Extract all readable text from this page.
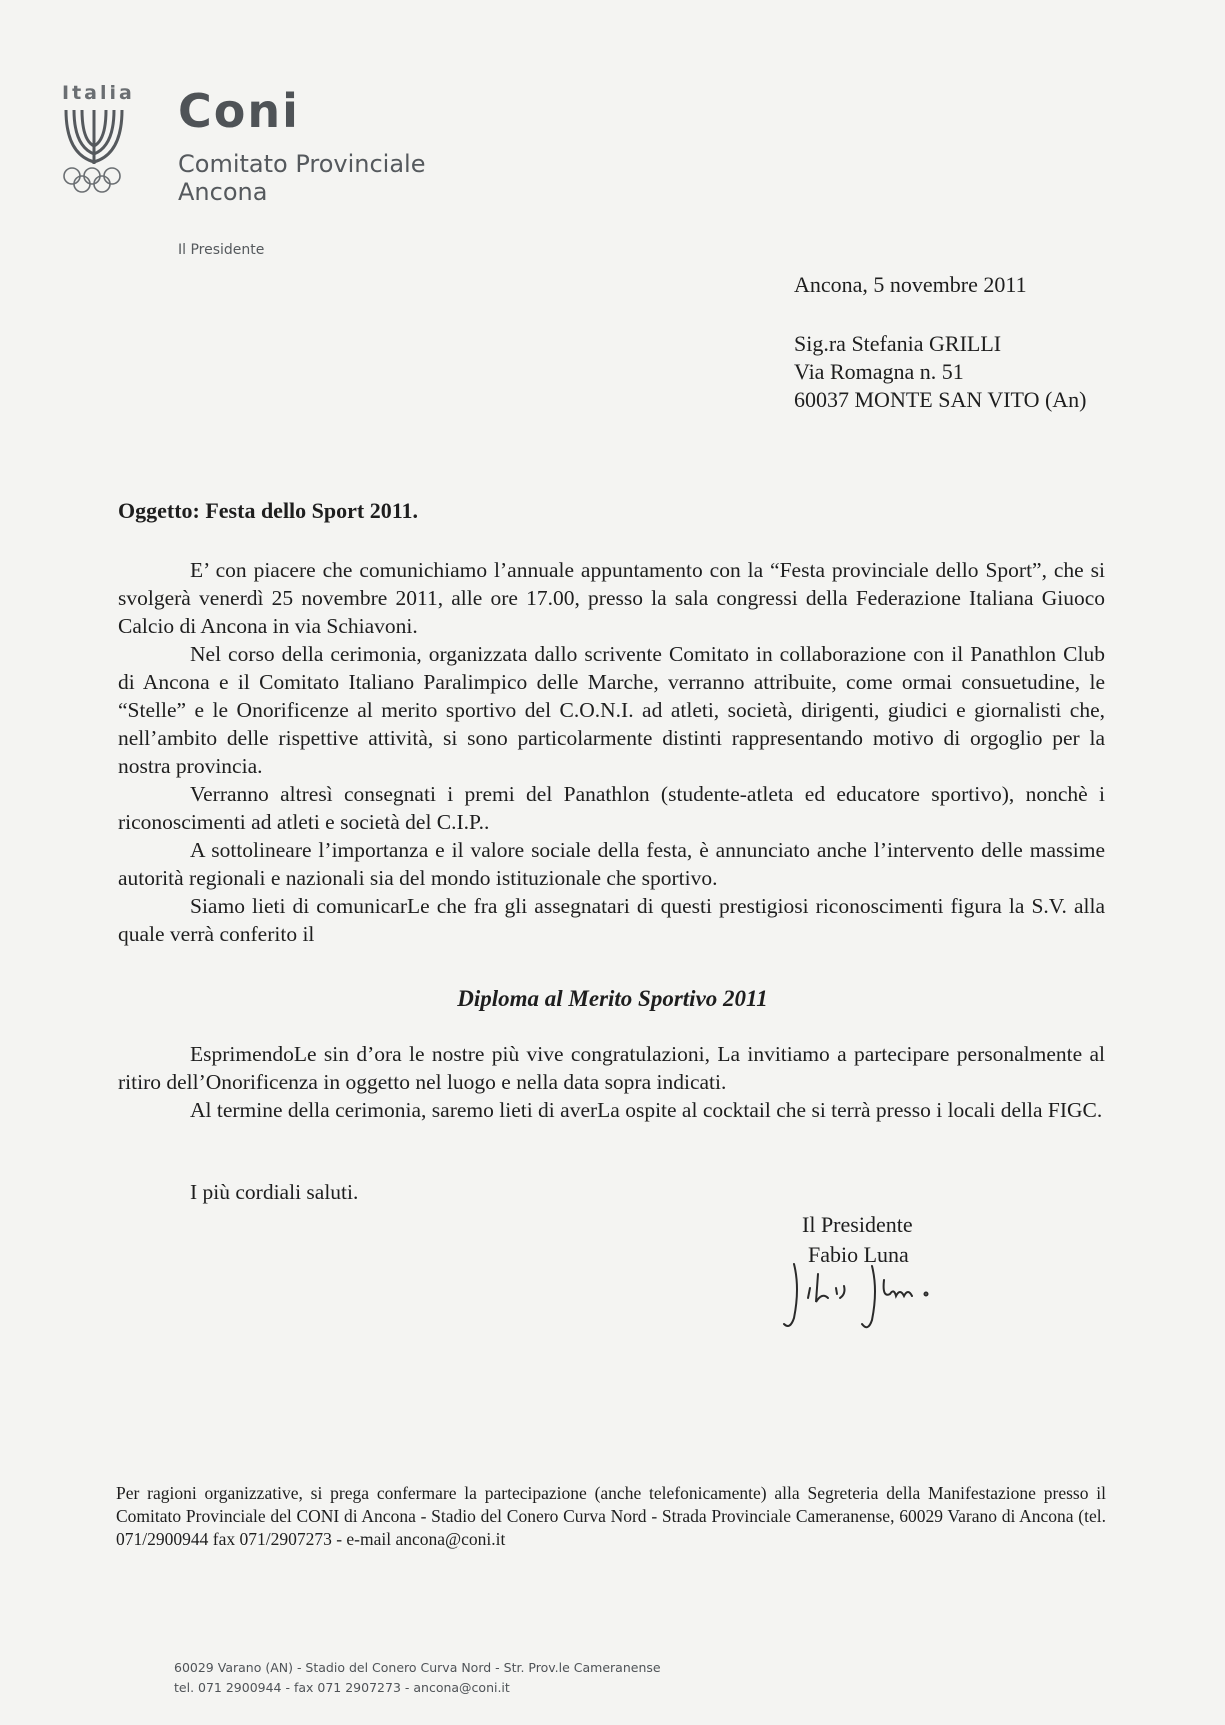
Italia Coni
Comitato Provinciale
Ancona
Il Presidente
Ancona, 5 novembre 2011
Sig.ra Stefania GRILLI
Via Romagna n. 51
60037 MONTE SAN VITO (An)
Oggetto: Festa dello Sport 2011.

E’ con piacere che comunichiamo l’annuale appuntamento con la “Festa provinciale dello Sport”, che si svolgerà venerdì 25 novembre 2011, alle ore 17.00, presso la sala congressi della Federazione Italiana Giuoco Calcio di Ancona in via Schiavoni.

Nel corso della cerimonia, organizzata dallo scrivente Comitato in collaborazione con il Panathlon Club di Ancona e il Comitato Italiano Paralimpico delle Marche, verranno attribuite, come ormai consuetudine, le “Stelle” e le Onorificenze al merito sportivo del C.O.N.I. ad atleti, società, dirigenti, giudici e giornalisti che, nell’ambito delle rispettive attività, si sono particolarmente distinti rappresentando motivo di orgoglio per la nostra provincia.

Verranno altresì consegnati i premi del Panathlon (studente-atleta ed educatore sportivo), nonchè i riconoscimenti ad atleti e società del C.I.P..

A sottolineare l’importanza e il valore sociale della festa, è annunciato anche l’intervento delle massime autorità regionali e nazionali sia del mondo istituzionale che sportivo.

Siamo lieti di comunicarLe che fra gli assegnatari di questi prestigiosi riconoscimenti figura la S.V. alla quale verrà conferito il

Diploma al Merito Sportivo 2011

EsprimendoLe sin d’ora le nostre più vive congratulazioni, La invitiamo a partecipare personalmente al ritiro dell’Onorificenza in oggetto nel luogo e nella data sopra indicati.

Al termine della cerimonia, saremo lieti di averLa ospite al cocktail che si terrà presso i locali della FIGC.

I più cordiali saluti.
Il Presidente
Fabio Luna
Per ragioni organizzative, si prega confermare la partecipazione (anche telefonicamente) alla Segreteria della Manifestazione presso il Comitato Provinciale del CONI di Ancona - Stadio del Conero Curva Nord - Strada Provinciale Cameranense, 60029 Varano di Ancona (tel. 071/2900944 fax 071/2907273 - e-mail ancona@coni.it
60029 Varano (AN) - Stadio del Conero Curva Nord - Str. Prov.le Cameranense
tel. 071 2900944 - fax 071 2907273 - ancona@coni.it
